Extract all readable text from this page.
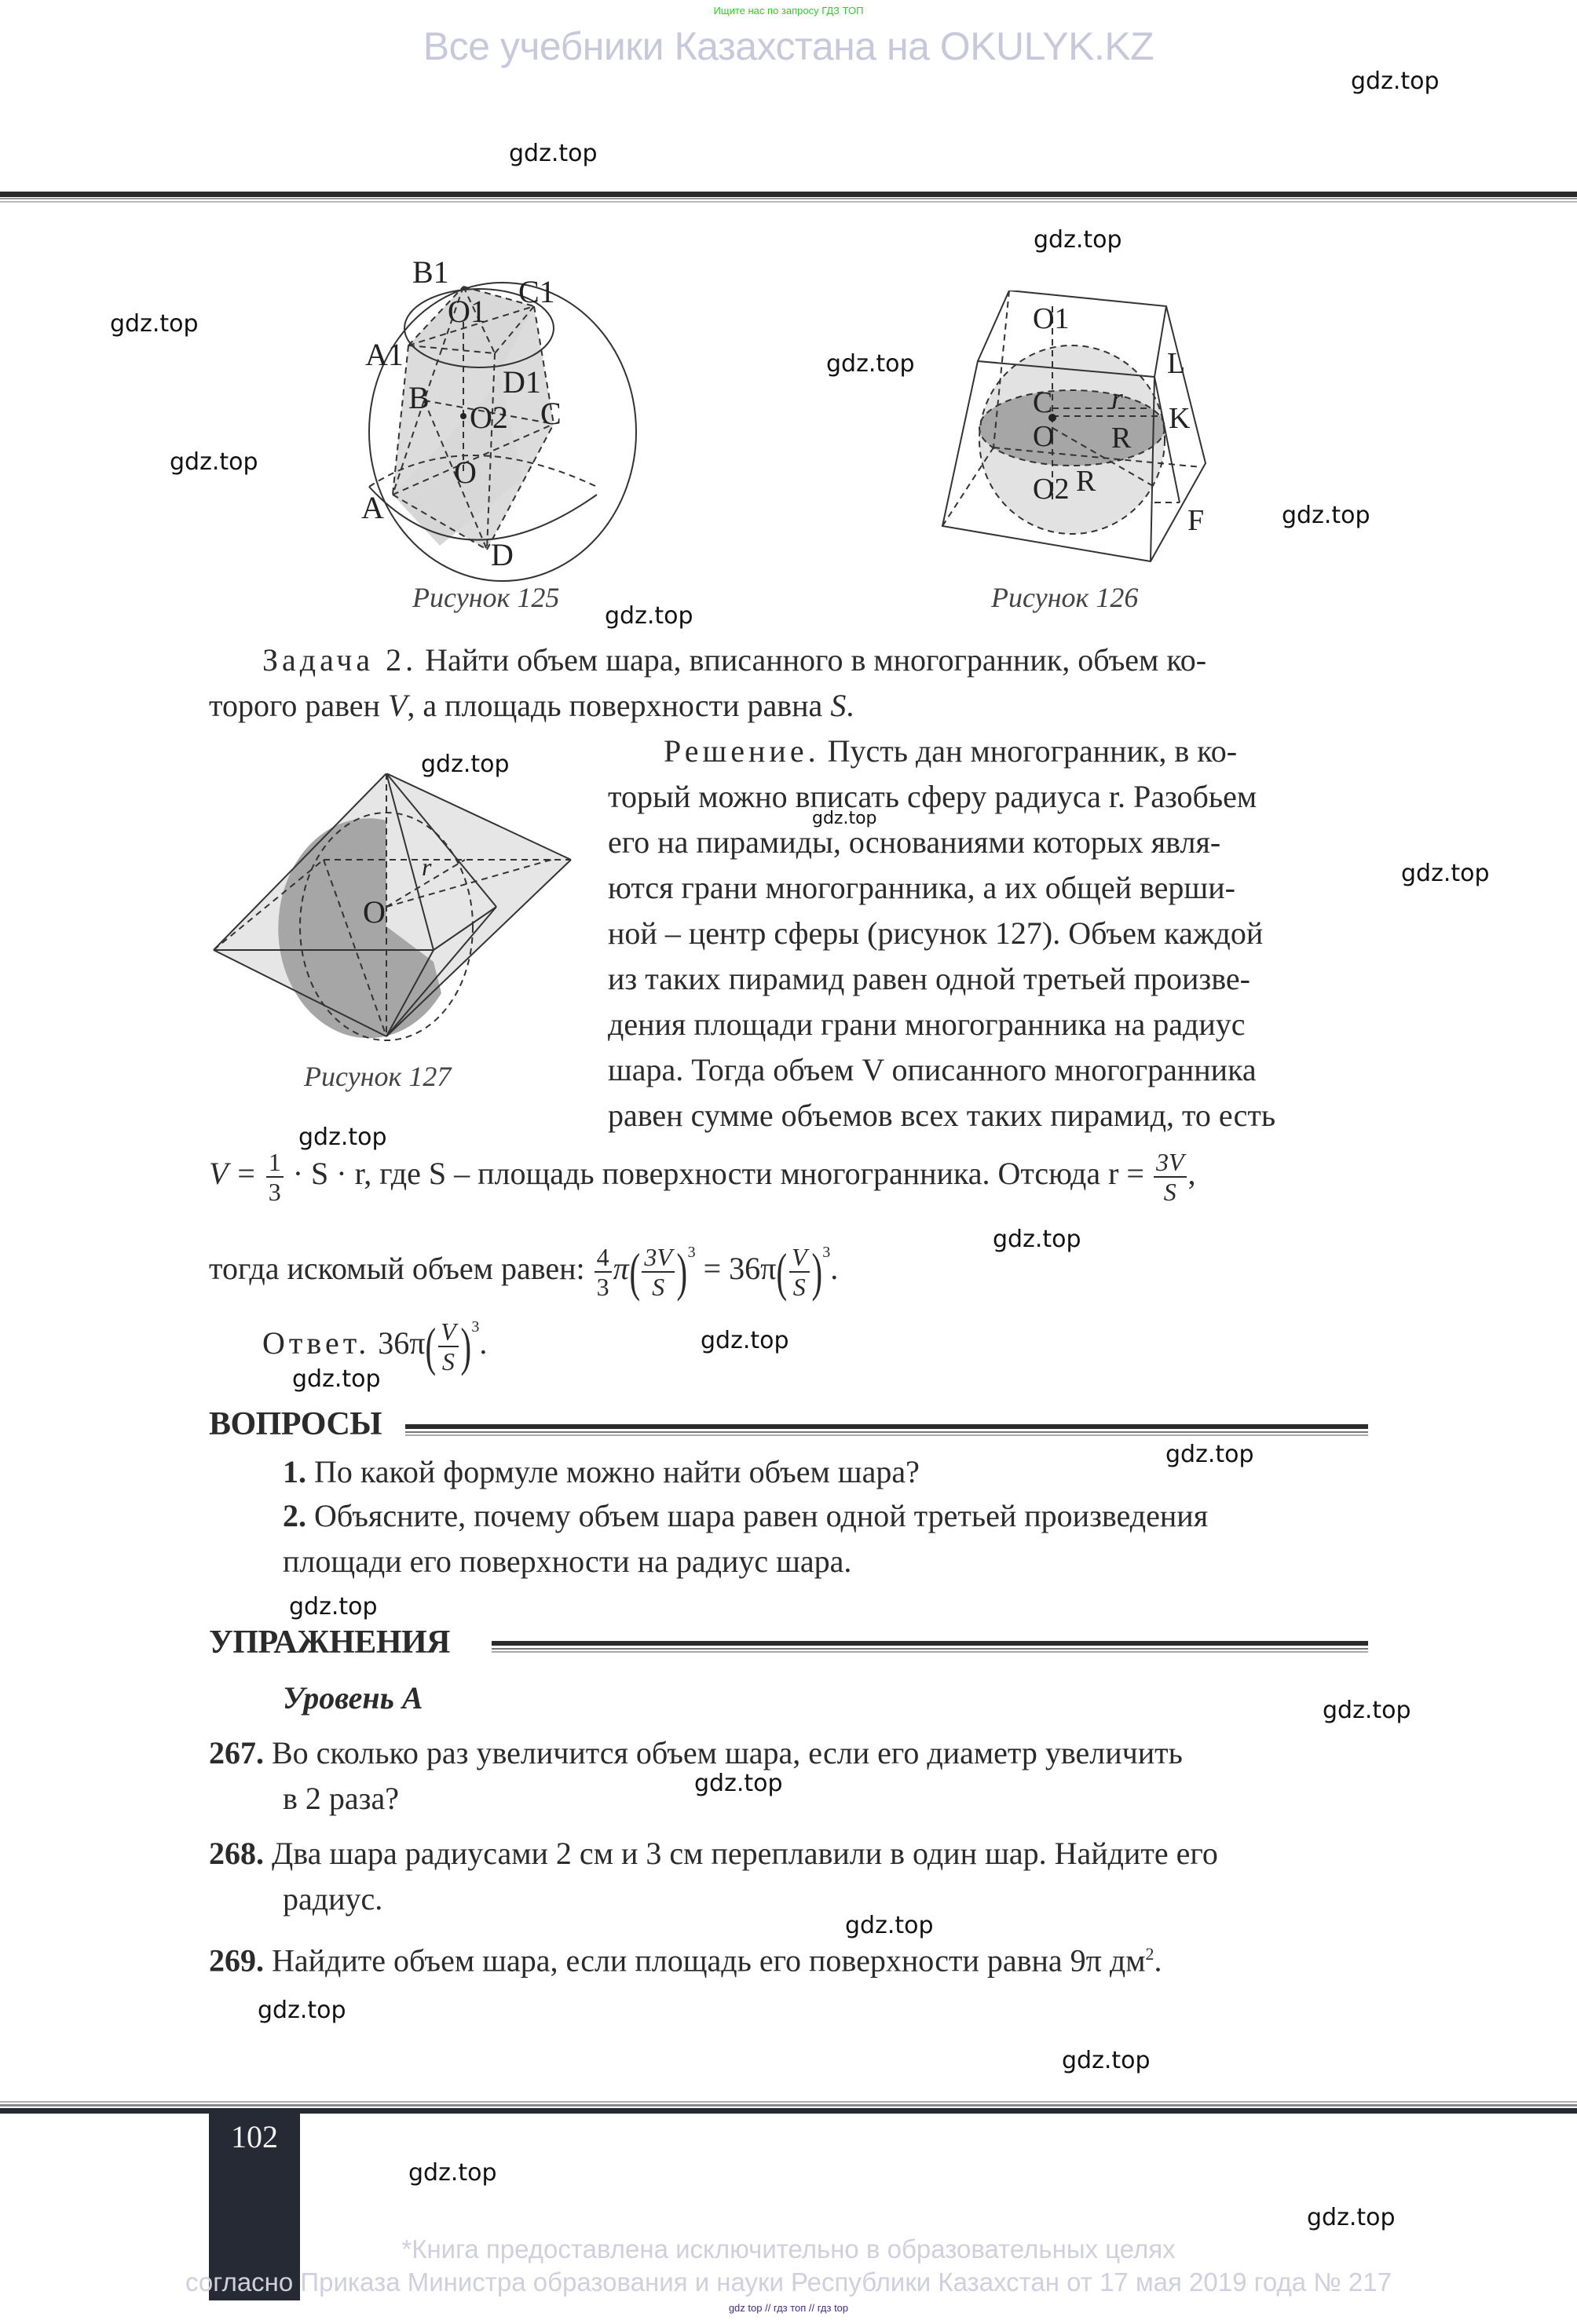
Ищите нас по запросу ГДЗ ТОП
Все учебники Казахстана на OKULYK.KZ
B1
C1
O1
A1
D1
B
O2 C
O
A
D
Рисунок 125
O1
L
C r
O R
K
O2 R
F
Рисунок 126
Задача 2. Найти объем шара, вписанного в многогранник, объем ко-
торого равен V, а площадь поверхности равна S.
O
r
Рисунок 127
Решение. Пусть дан многогранник, в ко-
торый можно вписать сферу радиуса r. Разобьем
его на пирамиды, основаниями которых явля-
ются грани многогранника, а их общей верши-
ной – центр сферы (рисунок 127). Объем каждой
из таких пирамид равен одной третьей произве-
дения площади грани многогранника на радиус
шара. Тогда объем V описанного многогранника
равен сумме объемов всех таких пирамид, то есть
$V = \frac{1}{3} \cdot S \cdot r$, где S – площадь поверхности многогранника. Отсюда $r = \frac{3V}{S}$ ,
тогда искомый объем равен: $\frac{4}{3} \pi( \frac{3V}{S} )^3 = 36\pi( \frac{V}{S} )^3$.
Ответ. $36\pi( \frac{V}{S} )^3$.
ВОПРОСЫ
1. По какой формуле можно найти объем шара?
2. Объясните, почему объем шара равен одной третьей произведения
площади его поверхности на радиус шара.
УПРАЖНЕНИЯ
Уровень А
267. Во сколько раз увеличится объем шара, если его диаметр увеличить
в 2 раза?
268. Два шара радиусами 2 см и 3 см переплавили в один шар. Найдите его
радиус.
269. Найдите объем шара, если площадь его поверхности равна 9π $дм^2$.
102
*Книга предоставлена исключительно в образовательных целях
согласно Приказа Министра образования и науки Республики Казахстан от 17 мая 2019 года № 217
gdz top // гдз топ // гдз top
gdz.top
gdz.top
gdz.top
gdz.top
gdz.top
gdz.top
gdz.top
gdz.top
gdz.top
gdz.top
gdz.top
gdz.top
gdz.top
gdz.top
gdz.top
gdz.top
gdz.top
gdz.top
gdz.top
gdz.top
gdz.top
gdz.top
gdz.top
gdz.top
